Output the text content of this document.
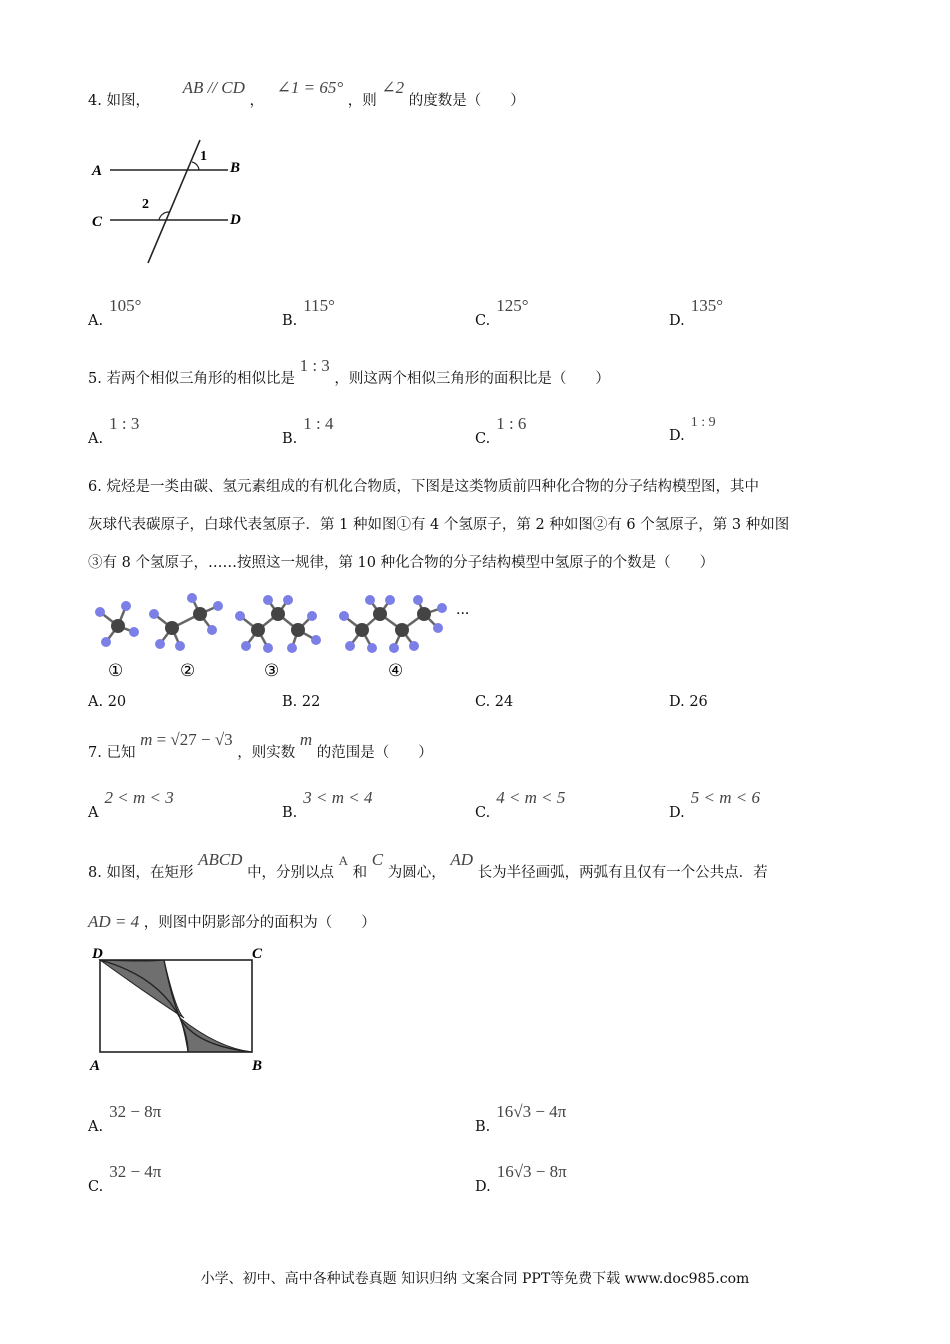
4. 如图， AB // CD ， ∠1 = 65° ，则 ∠2 的度数是（　　）
A	B
C	D
1
2
A.105°
B.115°
C.125°
D.135°
5. 若两个相似三角形的相似比是 1 : 3 ，则这两个相似三角形的面积比是（　　）
A.1 : 3
B.1 : 4
C.1 : 6
D.1 : 9
6. 烷烃是一类由碳、氢元素组成的有机化合物质，下图是这类物质前四种化合物的分子结构模型图，其中
灰球代表碳原子，白球代表氢原子．第 1 种如图①有 4 个氢原子，第 2 种如图②有 6 个氢原子，第 3 种如图
③有 8 个氢原子，……按照这一规律，第 10 种化合物的分子结构模型中氢原子的个数是（　　）
···
①	②	③	④
A. 20	B. 22	C. 24	D. 26
7. 已知 m = √27 − √3 ，则实数 m 的范围是（　　）
A2 < m < 3
B.3 < m < 4
C.4 < m < 5
D.5 < m < 6
8. 如图，在矩形 ABCD 中，分别以点 A 和 C 为圆心， AD 长为半径画弧，两弧有且仅有一个公共点．若
AD = 4 ，则图中阴影部分的面积为（　　）
D	C
A	B
A.32 − 8π
B.16√3 − 4π
C.32 − 4π
D.16√3 − 8π
小学、初中、高中各种试卷真题 知识归纳 文案合同 PPT等免费下载 www.doc985.com
